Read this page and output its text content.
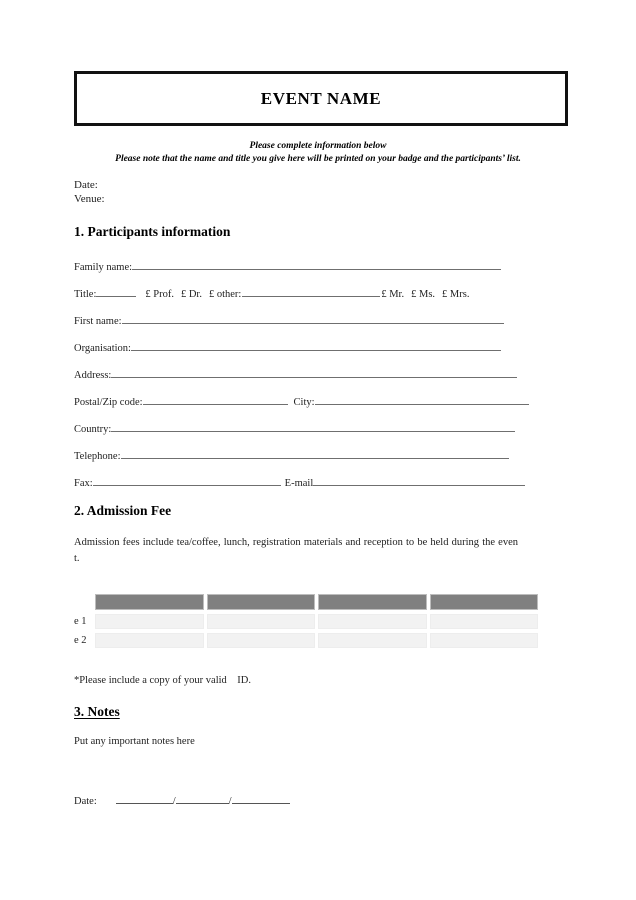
EVENT NAME
Please complete information below
Please note that the name and title you give here will be printed on your badge and the participants’ list.
Date:
Venue:
1. Participants information
Family name:
Title:	£ Prof. £ Dr. £ other:	£ Mr. £ Ms. £ Mrs.
First name:
Organisation:
Address:
Postal/Zip code:	City:
Country:
Telephone:
Fax:	E-mail
2. Admission Fee
Admission fees include tea/coffee, lunch, registration materials and reception to be held during the even t.
e 1
e 2
*Please include a copy of your valid    ID.
3. Notes
Put any important notes here
Date:	/	/
